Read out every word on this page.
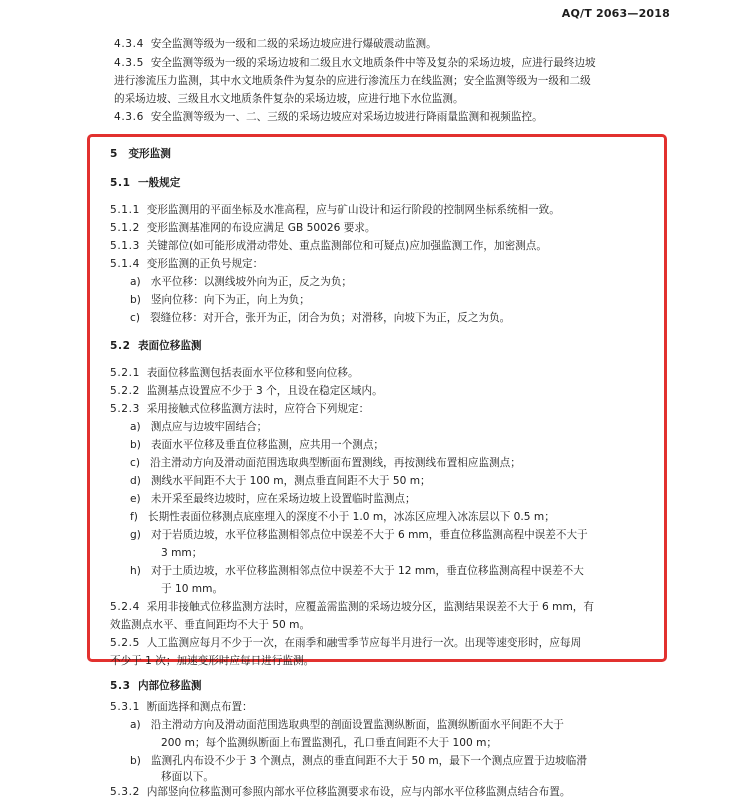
AQ/T 2063—2018
4.3.4 安全监测等级为一级和二级的采场边坡应进行爆破震动监测。
4.3.5 安全监测等级为一级的采场边坡和二级且水文地质条件中等及复杂的采场边坡，应进行最终边坡
进行渗流压力监测，其中水文地质条件为复杂的应进行渗流压力在线监测；安全监测等级为一级和二级
的采场边坡、三级且水文地质条件复杂的采场边坡，应进行地下水位监测。
4.3.6 安全监测等级为一、二、三级的采场边坡应对采场边坡进行降雨量监测和视频监控。
5 变形监测
5.1 一般规定
5.1.1 变形监测用的平面坐标及水准高程，应与矿山设计和运行阶段的控制网坐标系统相一致。
5.1.2 变形监测基准网的布设应满足 GB 50026 要求。
5.1.3 关键部位(如可能形成滑动带处、重点监测部位和可疑点)应加强监测工作，加密测点。
5.1.4 变形监测的正负号规定：
a) 水平位移：以测线坡外向为正，反之为负；
b) 竖向位移：向下为正，向上为负；
c) 裂缝位移：对开合，张开为正，闭合为负；对滑移，向坡下为正，反之为负。
5.2 表面位移监测
5.2.1 表面位移监测包括表面水平位移和竖向位移。
5.2.2 监测基点设置应不少于 3 个，且设在稳定区域内。
5.2.3 采用接触式位移监测方法时，应符合下列规定：
a) 测点应与边坡牢固结合；
b) 表面水平位移及垂直位移监测，应共用一个测点；
c) 沿主滑动方向及滑动面范围选取典型断面布置测线，再按测线布置相应监测点；
d) 测线水平间距不大于 100 m，测点垂直间距不大于 50 m；
e) 未开采至最终边坡时，应在采场边坡上设置临时监测点；
f) 长期性表面位移测点底座埋入的深度不小于 1.0 m，冰冻区应埋入冰冻层以下 0.5 m；
g) 对于岩质边坡，水平位移监测相邻点位中误差不大于 6 mm，垂直位移监测高程中误差不大于
3 mm；
h) 对于土质边坡，水平位移监测相邻点位中误差不大于 12 mm，垂直位移监测高程中误差不大
于 10 mm。
5.2.4 采用非接触式位移监测方法时，应覆盖需监测的采场边坡分区，监测结果误差不大于 6 mm，有
效监测点水平、垂直间距均不大于 50 m。
5.2.5 人工监测应每月不少于一次，在雨季和融雪季节应每半月进行一次。出现等速变形时，应每周
不少于 1 次；加速变形时应每日进行监测。
5.3 内部位移监测
5.3.1 断面选择和测点布置：
a) 沿主滑动方向及滑动面范围选取典型的剖面设置监测纵断面，监测纵断面水平间距不大于
200 m；每个监测纵断面上布置监测孔，孔口垂直间距不大于 100 m；
b) 监测孔内布设不少于 3 个测点，测点的垂直间距不大于 50 m，最下一个测点应置于边坡临滑
移面以下。
5.3.2 内部竖向位移监测可参照内部水平位移监测要求布设，应与内部水平位移监测点结合布置。
